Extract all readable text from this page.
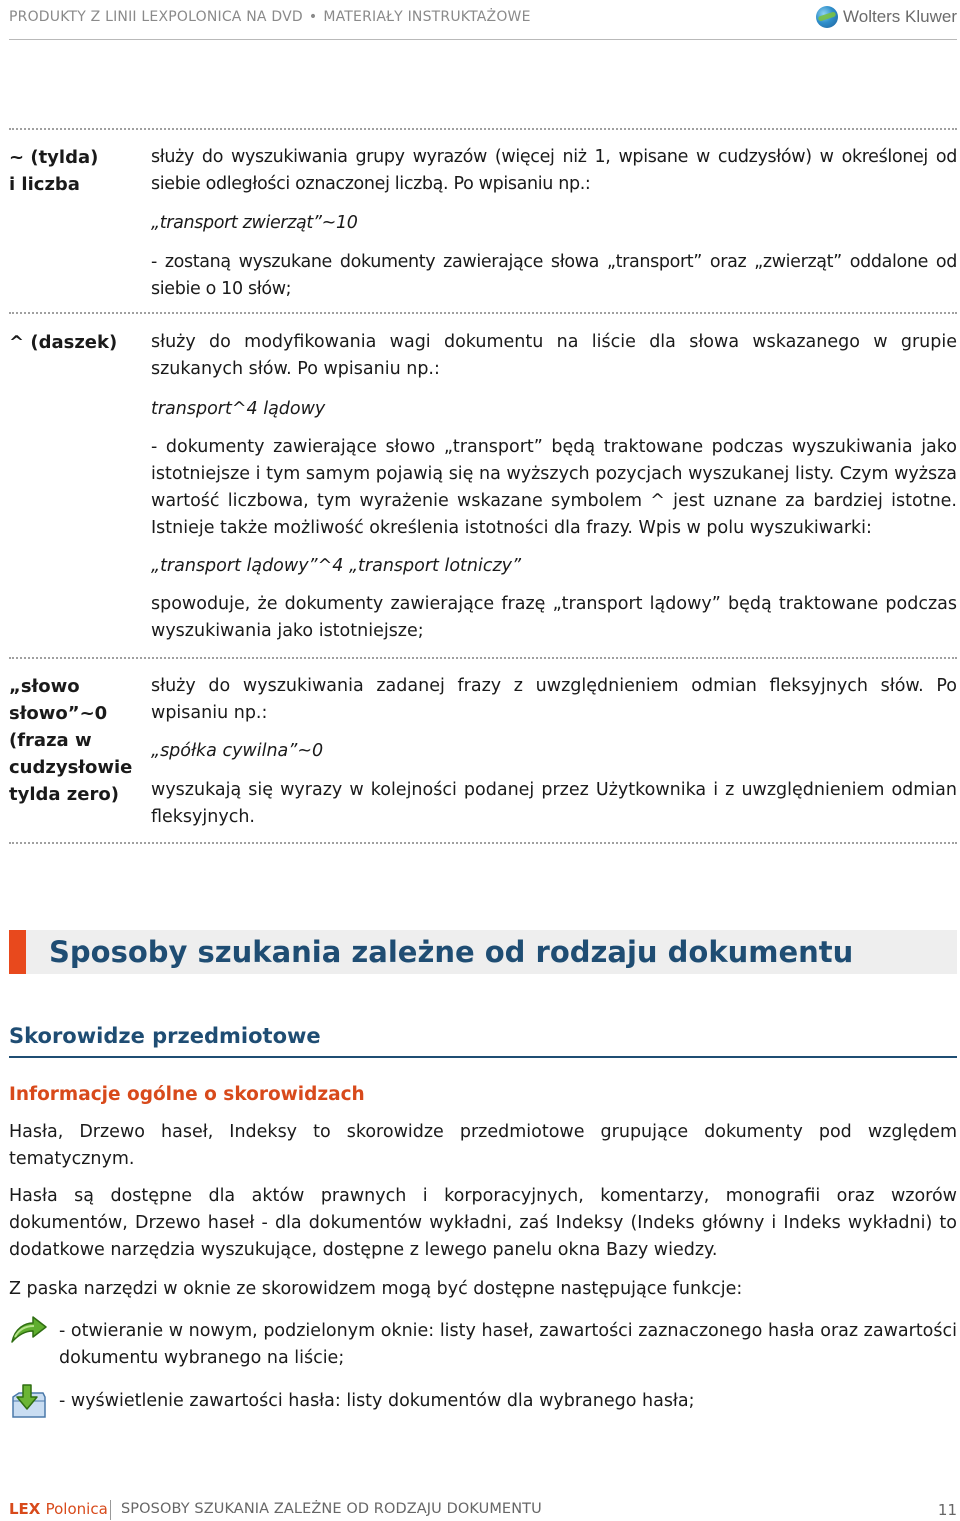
PRODUKTY Z LINII LEXPOLONICA NA DVD • MATERIAŁY INSTRUKTAŻOWE	Wolters Kluwer
~ (tylda)
i liczba
służy do wyszukiwania grupy wyrazów (więcej niż 1, wpisane w cudzysłów) w określonej od siebie odległości oznaczonej liczbą. Po wpisaniu np.:
„transport zwierząt”~10
- zostaną wyszukane dokumenty zawierające słowa „transport” oraz „zwierząt” oddalone od siebie o 10 słów;
^ (daszek) służy do modyfikowania wagi dokumentu na liście dla słowa wskazanego w grupie szukanych słów. Po wpisaniu np.:
transport^4 lądowy
- dokumenty zawierające słowo „transport” będą traktowane podczas wyszukiwania jako istotniejsze i tym samym pojawią się na wyższych pozycjach wyszukanej listy. Czym wyższa wartość liczbowa, tym wyrażenie wskazane symbolem ^ jest uznane za bardziej istotne. Istnieje także możliwość określenia istotności dla frazy. Wpis w polu wyszukiwarki:
„transport lądowy”^4 „transport lotniczy”
spowoduje, że dokumenty zawierające frazę „transport lądowy” będą traktowane podczas wyszukiwania jako istotniejsze;
„słowo
słowo”~0
(fraza w
cudzysłowie
tylda zero)
służy do wyszukiwania zadanej frazy z uwzględnieniem odmian fleksyjnych słów. Po wpisaniu np.:
„spółka cywilna”~0
wyszukają się wyrazy w kolejności podanej przez Użytkownika i z uwzględnieniem odmian fleksyjnych.
Sposoby szukania zależne od rodzaju dokumentu
Skorowidze przedmiotowe
Informacje ogólne o skorowidzach
Hasła, Drzewo haseł, Indeksy to skorowidze przedmiotowe grupujące dokumenty pod względem tematycznym.
Hasła są dostępne dla aktów prawnych i korporacyjnych, komentarzy, monografii oraz wzorów dokumentów, Drzewo haseł - dla dokumentów wykładni, zaś Indeksy (Indeks główny i Indeks wykładni) to dodatkowe narzędzia wyszukujące, dostępne z lewego panelu okna Bazy wiedzy.
Z paska narzędzi w oknie ze skorowidzem mogą być dostępne następujące funkcje:
- otwieranie w nowym, podzielonym oknie: listy haseł, zawartości zaznaczonego hasła oraz zawartości dokumentu wybranego na liście;
- wyświetlenie zawartości hasła: listy dokumentów dla wybranego hasła;
LEX Polonica SPOSOBY SZUKANIA ZALEŻNE OD RODZAJU DOKUMENTU	11
